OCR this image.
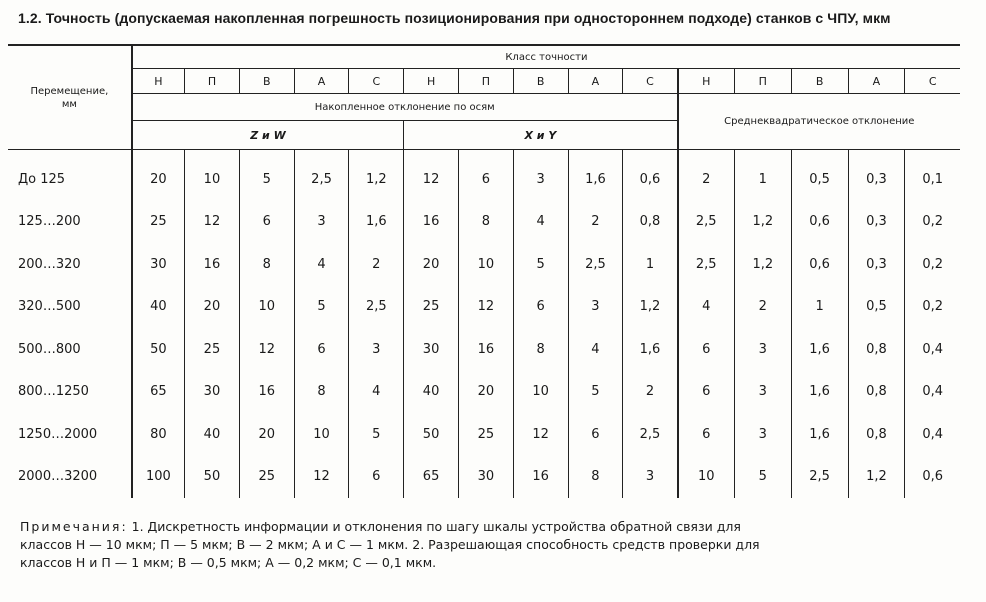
1.2. Точность (допускаемая накопленная погрешность позиционирования при одностороннем подходе) станков с ЧПУ, мкм
Перемещение, мм	Класс точности														
	Н	П	В	А	С	Н	П	В	А	С	Н	П	В	А	С
	Накопленное отклонение по осям										Среднеквадратическое отклонение				
	Z и W					X и Y									

До 125	20	10	5	2,5	1,2	12	6	3	1,6	0,6	2	1	0,5	0,3	0,1
125…200	25	12	6	3	1,6	16	8	4	2	0,8	2,5	1,2	0,6	0,3	0,2
200…320	30	16	8	4	2	20	10	5	2,5	1	2,5	1,2	0,6	0,3	0,2
320…500	40	20	10	5	2,5	25	12	6	3	1,2	4	2	1	0,5	0,2
500…800	50	25	12	6	3	30	16	8	4	1,6	6	3	1,6	0,8	0,4
800…1250	65	30	16	8	4	40	20	10	5	2	6	3	1,6	0,8	0,4
1250…2000	80	40	20	10	5	50	25	12	6	2,5	6	3	1,6	0,8	0,4
2000…3200	100	50	25	12	6	65	30	16	8	3	10	5	2,5	1,2	0,6

Примечания: 1. Дискретность информации и отклонения по шагу шкалы устройства обратной связи для

классов Н — 10 мкм; П — 5 мкм; В — 2 мкм; А и С — 1 мкм. 2. Разрешающая способность средств проверки для

классов Н и П — 1 мкм; В — 0,5 мкм; А — 0,2 мкм; С — 0,1 мкм.
